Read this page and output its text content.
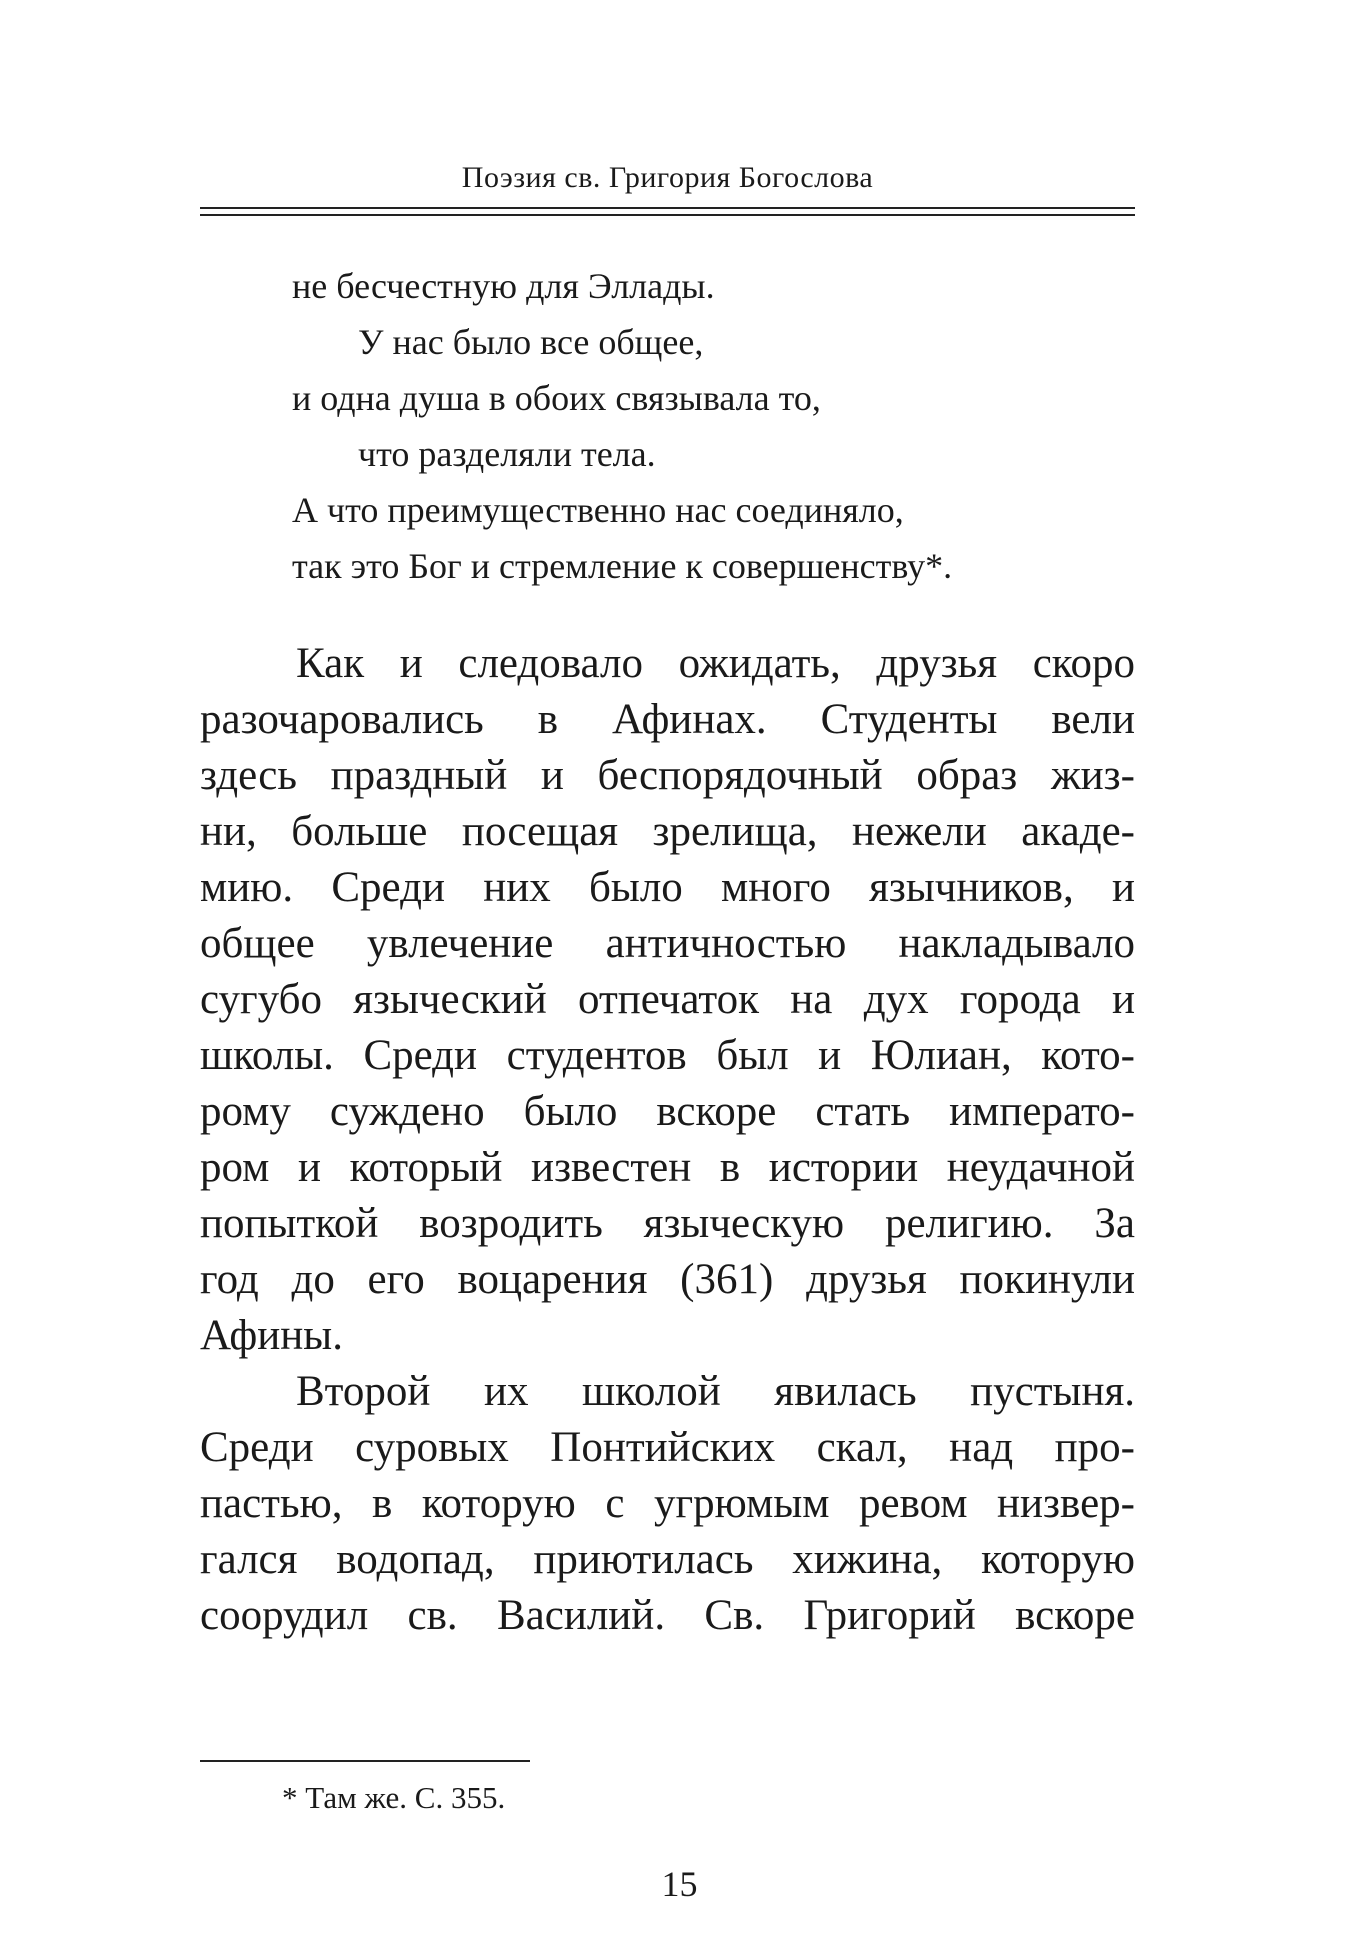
Поэзия св. Григория Богослова
не бесчестную для Эллады.
У нас было все общее,
и одна душа в обоих связывала то,
что разделяли тела.
А что преимущественно нас соединяло,
так это Бог и стремление к совершенству*.
Как и следовало ожидать, друзья скоро
разочаровались в Афинах. Студенты вели
здесь праздный и беспорядочный образ жиз-
ни, больше посещая зрелища, нежели акаде-
мию. Среди них было много язычников, и
общее увлечение античностью накладывало
сугубо языческий отпечаток на дух города и
школы. Среди студентов был и Юлиан, кото-
рому суждено было вскоре стать императо-
ром и который известен в истории неудачной
попыткой возродить языческую религию. За
год до его воцарения (361) друзья покинули
Афины.
Второй их школой явилась пустыня.
Среди суровых Понтийских скал, над про-
пастью, в которую с угрюмым ревом низвер-
гался водопад, приютилась хижина, которую
соорудил св. Василий. Св. Григорий вскоре
* Там же. С. 355.
15
